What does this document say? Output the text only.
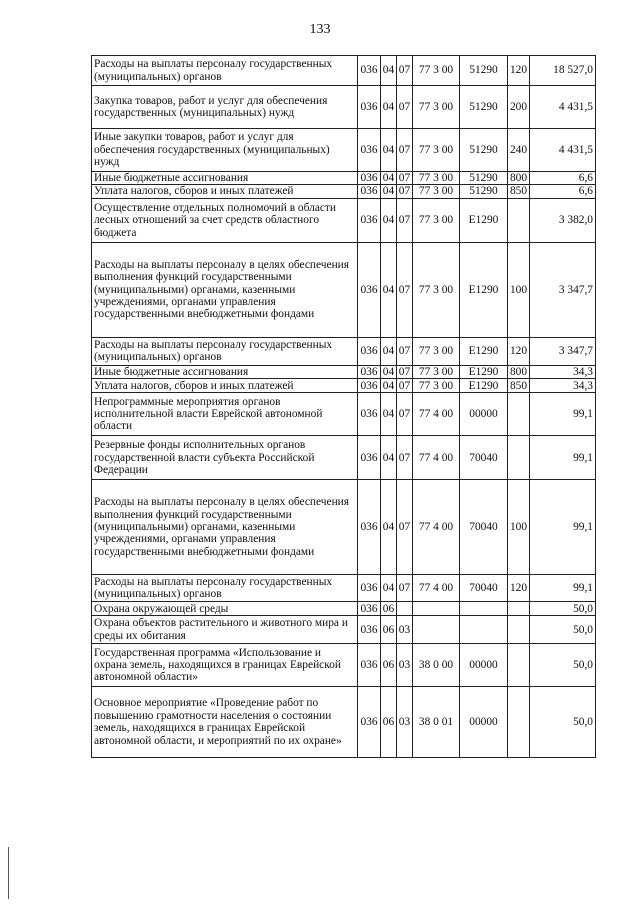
133
Расходы на выплаты персоналу государственных (муниципальных) органов	036	04	07	77 3 00	51290	120	18 527,0
Закупка товаров, работ и услуг для обеспечения государственных (муниципальных) нужд	036	04	07	77 3 00	51290	200	4 431,5
Иные закупки товаров, работ и услуг для обеспечения государственных (муниципальных) нужд	036	04	07	77 3 00	51290	240	4 431,5
Иные бюджетные ассигнования	036	04	07	77 3 00	51290	800	6,6
Уплата налогов, сборов и иных платежей	036	04	07	77 3 00	51290	850	6,6
Осуществление отдельных полномочий в области лесных отношений за счет средств областного бюджета	036	04	07	77 3 00	E1290		3 382,0
Расходы на выплаты персоналу в целях обеспечения выполнения функций государственными (муниципальными) органами, казенными учреждениями, органами управления государственными внебюджетными фондами	036	04	07	77 3 00	E1290	100	3 347,7
Расходы на выплаты персоналу государственных (муниципальных) органов	036	04	07	77 3 00	E1290	120	3 347,7
Иные бюджетные ассигнования	036	04	07	77 3 00	E1290	800	34,3
Уплата налогов, сборов и иных платежей	036	04	07	77 3 00	E1290	850	34,3
Непрограммные мероприятия органов исполнительной власти Еврейской автономной области	036	04	07	77 4 00	00000		99,1
Резервные фонды исполнительных органов государственной власти субъекта Российской Федерации	036	04	07	77 4 00	70040		99,1
Расходы на выплаты персоналу в целях обеспечения выполнения функций государственными (муниципальными) органами, казенными учреждениями, органами управления государственными внебюджетными фондами	036	04	07	77 4 00	70040	100	99,1
Расходы на выплаты персоналу государственных (муниципальных) органов	036	04	07	77 4 00	70040	120	99,1
Охрана окружающей среды	036	06					50,0
Охрана объектов растительного и животного мира и среды их обитания	036	06	03				50,0
Государственная программа «Использование и охрана земель, находящихся в границах Еврейской автономной области»	036	06	03	38 0 00	00000		50,0
Основное мероприятие «Проведение работ по повышению грамотности населения о состоянии земель, находящихся в границах Еврейской автономной области, и мероприятий по их охране»	036	06	03	38 0 01	00000		50,0
